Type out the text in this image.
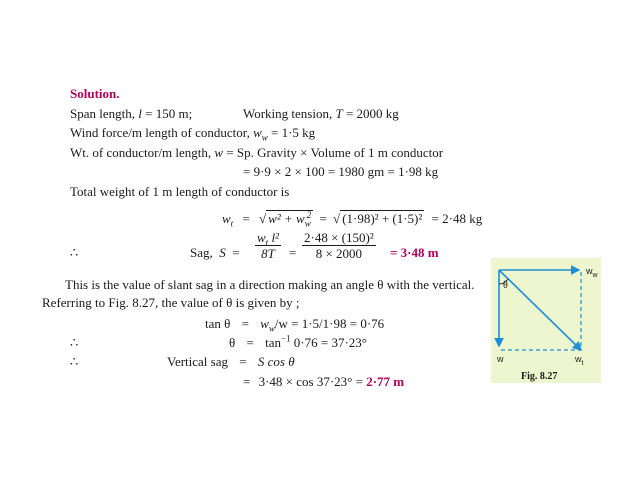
Solution.
Span length, l = 150 m;	Working tension, T = 2000 kg
Wind force/m length of conductor, $w_w = 1\cdot 5$ kg
Wt. of conductor/m length, w = Sp. Gravity × Volume of 1 m conductor
= 9·9 × 2 × 100 = 1980 gm = 1·98 kg
Total weight of 1 m length of conductor is
$w_t$ = √ $w^2 + w_w^2$ = √ (1·98)² + (1·5)² = 2·48 kg
∴	Sag, $S = \frac{w_t l^2}{8T} = \frac{\text{2·48 × (150)²}}{8 \times 2000} = 3\cdot 48$ m
This is the value of slant sag in a direction making an angle θ with the vertical.
Referring to Fig. 8.27, the value of θ is given by ;
$\tan \theta = w_w/w = 1\cdot 5/1\cdot 98 = 0\cdot 76$
∴	$\theta = \tan^{-1} 0\cdot 76 = 37\cdot 23^\circ$
∴	Vertical sag = S cos θ
= 3·48 × cos 37·23° = 2·77 m
θ
$w_w$
w	$w_t$
Fig. 8.27
